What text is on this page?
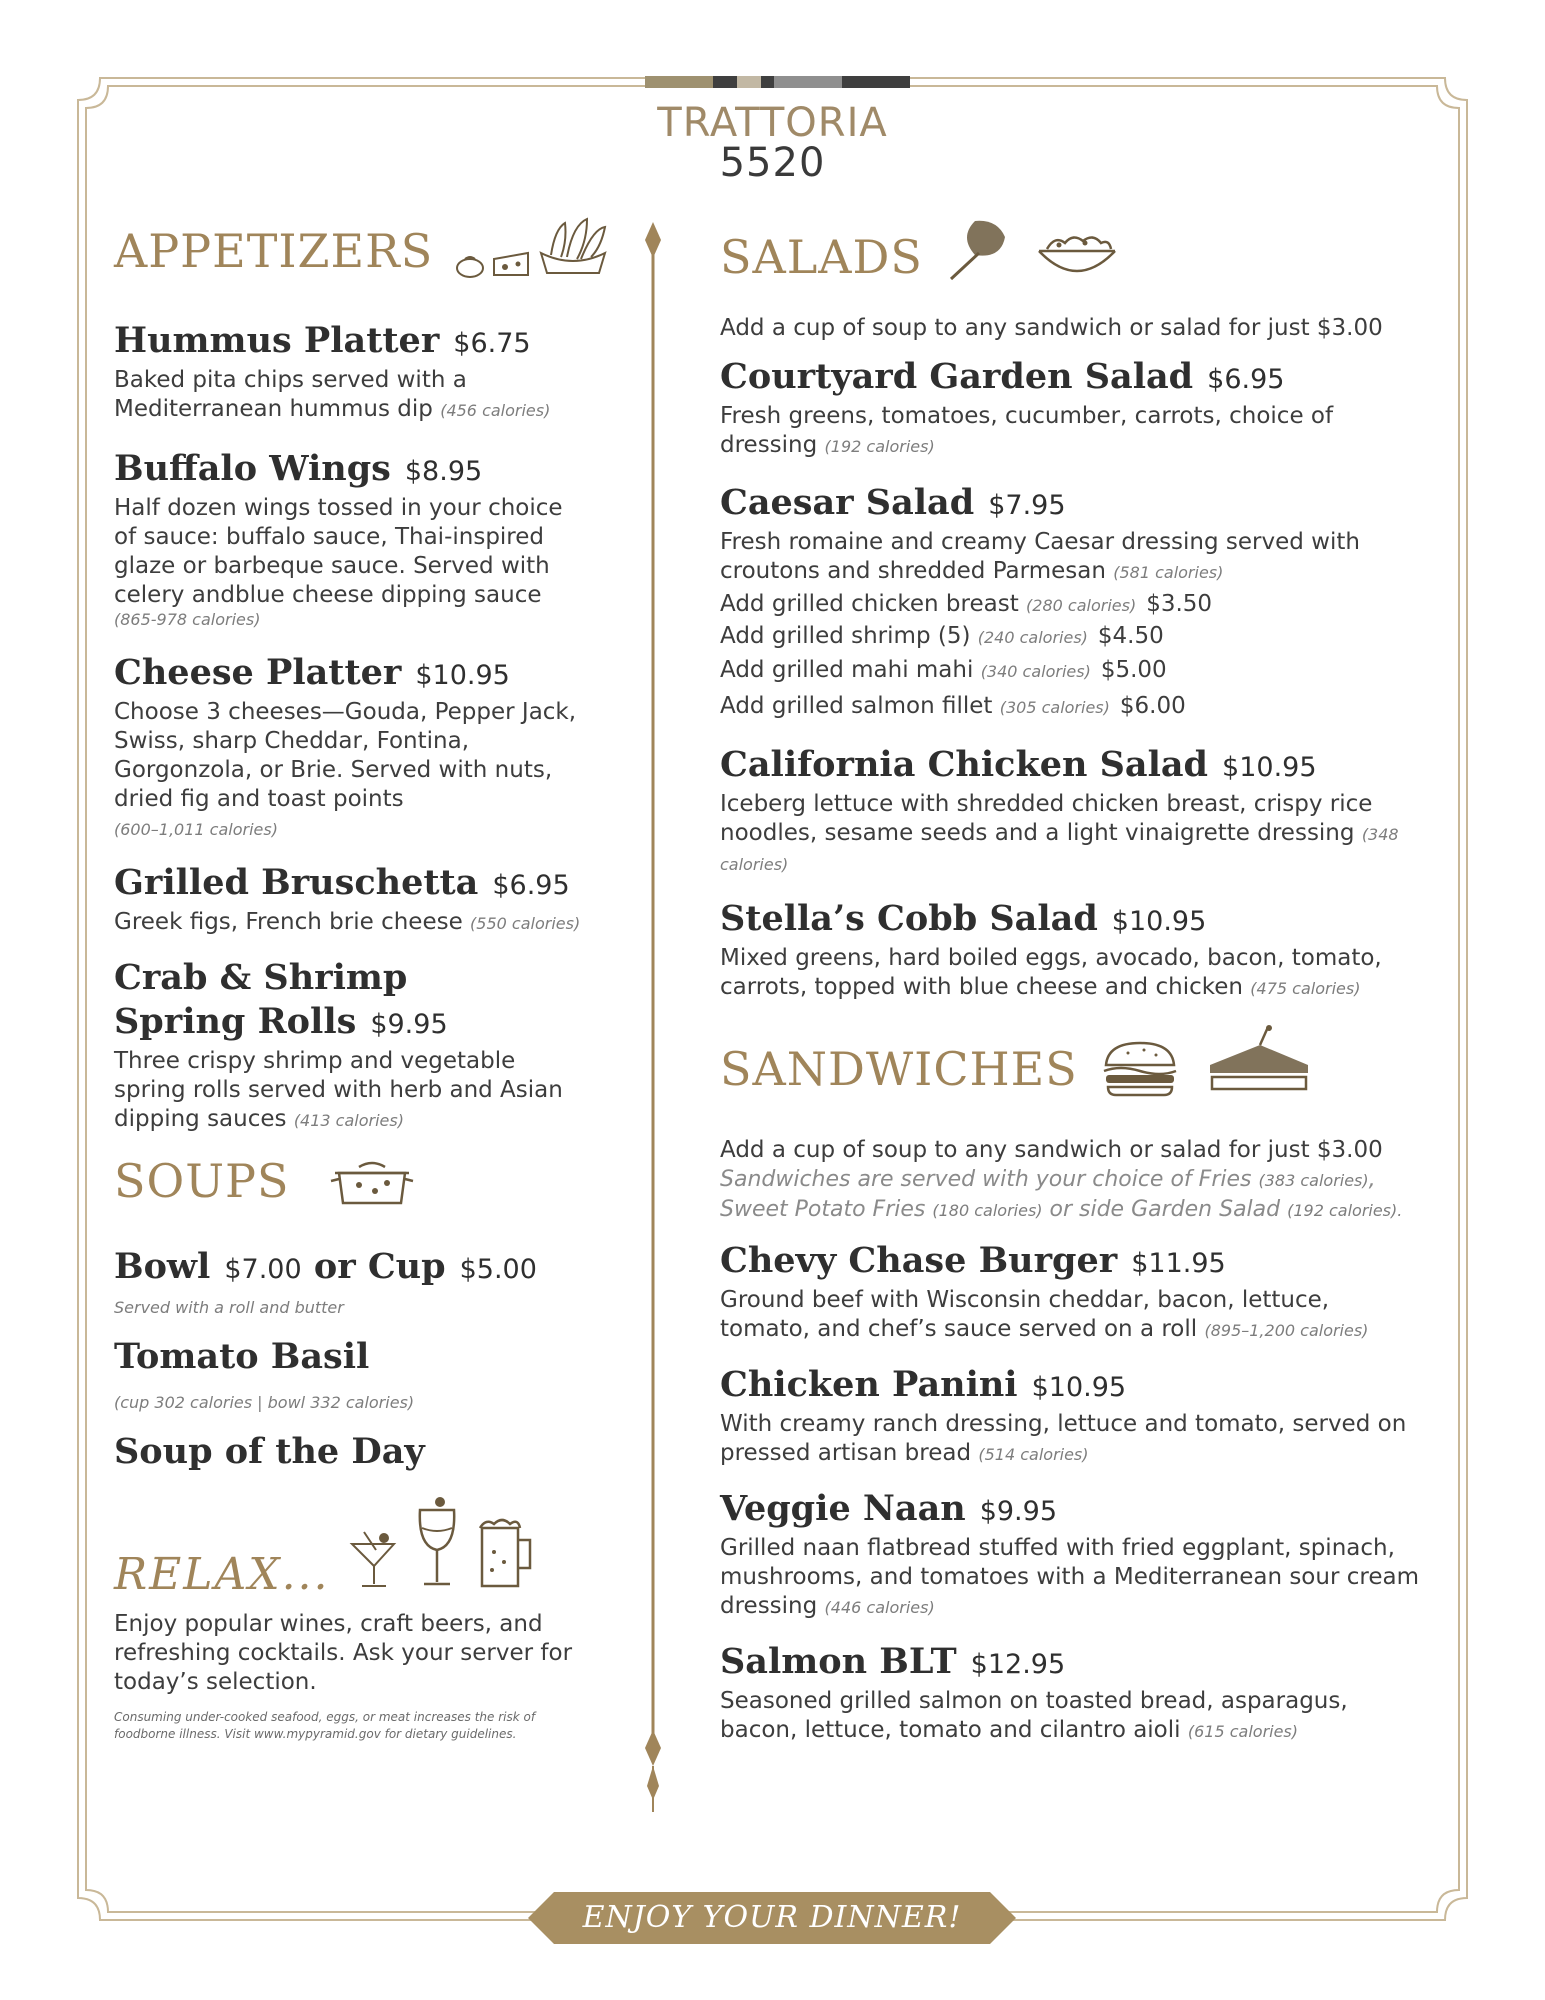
TRATTORIA
5520
APPETIZERS
Hummus Platter $6.75
Baked pita chips served with a Mediterranean hummus dip (456 calories)
Buffalo Wings $8.95
Half dozen wings tossed in your choice of sauce: buffalo sauce, Thai-inspired glaze or barbeque sauce. Served with celery andblue cheese dipping sauce
(865-978 calories)
Cheese Platter $10.95
Choose 3 cheeses—Gouda, Pepper Jack, Swiss, sharp Cheddar, Fontina, Gorgonzola, or Brie. Served with nuts, dried fig and toast points
(600–1,011 calories)
Grilled Bruschetta $6.95
Greek figs, French brie cheese (550 calories)
Crab & Shrimp
Spring Rolls $9.95
Three crispy shrimp and vegetable spring rolls served with herb and Asian dipping sauces (413 calories)
SOUPS
Bowl $7.00 or Cup $5.00
Served with a roll and butter
Tomato Basil
(cup 302 calories | bowl 332 calories)
Soup of the Day
RELAX...
Enjoy popular wines, craft beers, and refreshing cocktails. Ask your server for today’s selection.
Consuming under-cooked seafood, eggs, or meat increases the risk of foodborne illness. Visit www.mypyramid.gov for dietary guidelines.
SALADS
Add a cup of soup to any sandwich or salad for just $3.00
Courtyard Garden Salad $6.95
Fresh greens, tomatoes, cucumber, carrots, choice of dressing (192 calories)
Caesar Salad $7.95
Fresh romaine and creamy Caesar dressing served with croutons and shredded Parmesan (581 calories)
Add grilled chicken breast (280 calories) $3.50
Add grilled shrimp (5) (240 calories) $4.50
Add grilled mahi mahi (340 calories) $5.00
Add grilled salmon fillet (305 calories) $6.00
California Chicken Salad $10.95
Iceberg lettuce with shredded chicken breast, crispy rice noodles, sesame seeds and a light vinaigrette dressing (348 calories)
Stella’s Cobb Salad $10.95
Mixed greens, hard boiled eggs, avocado, bacon, tomato, carrots, topped with blue cheese and chicken (475 calories)
SANDWICHES
Add a cup of soup to any sandwich or salad for just $3.00
Sandwiches are served with your choice of Fries (383 calories), Sweet Potato Fries (180 calories) or side Garden Salad (192 calories).
Chevy Chase Burger $11.95
Ground beef with Wisconsin cheddar, bacon, lettuce, tomato, and chef’s sauce served on a roll (895–1,200 calories)
Chicken Panini $10.95
With creamy ranch dressing, lettuce and tomato, served on pressed artisan bread (514 calories)
Veggie Naan $9.95
Grilled naan flatbread stuffed with fried eggplant, spinach, mushrooms, and tomatoes with a Mediterranean sour cream dressing (446 calories)
Salmon BLT $12.95
Seasoned grilled salmon on toasted bread, asparagus, bacon, lettuce, tomato and cilantro aioli (615 calories)
ENJOY YOUR DINNER!
